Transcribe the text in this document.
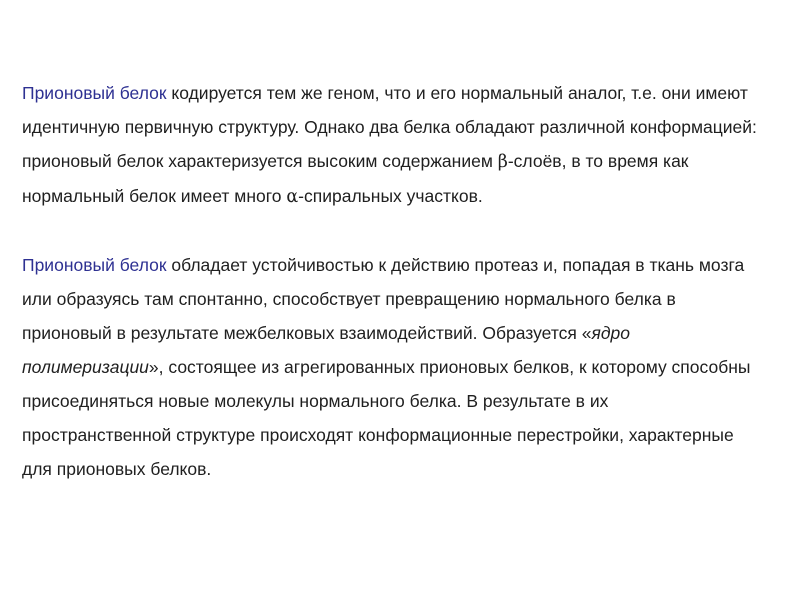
Прионовый белок кодируется тем же геном, что и его нормальный аналог, т.е. они имеют идентичную первичную структуру. Однако два белка обладают различной конформацией: прионовый белок характеризуется высоким содержанием β-слоёв, в то время как нормальный белок имеет много α-спиральных участков.

Прионовый белок обладает устойчивостью к действию протеаз и, попадая в ткань мозга или образуясь там спонтанно, способствует превращению нормального белка в прионовый в результате межбелковых взаимодействий. Образуется «ядро полимеризации», состоящее из агрегированных прионовых белков, к которому способны присоединяться новые молекулы нормального белка. В результате в их пространственной структуре происходят конформационные перестройки, характерные для прионовых белков.
